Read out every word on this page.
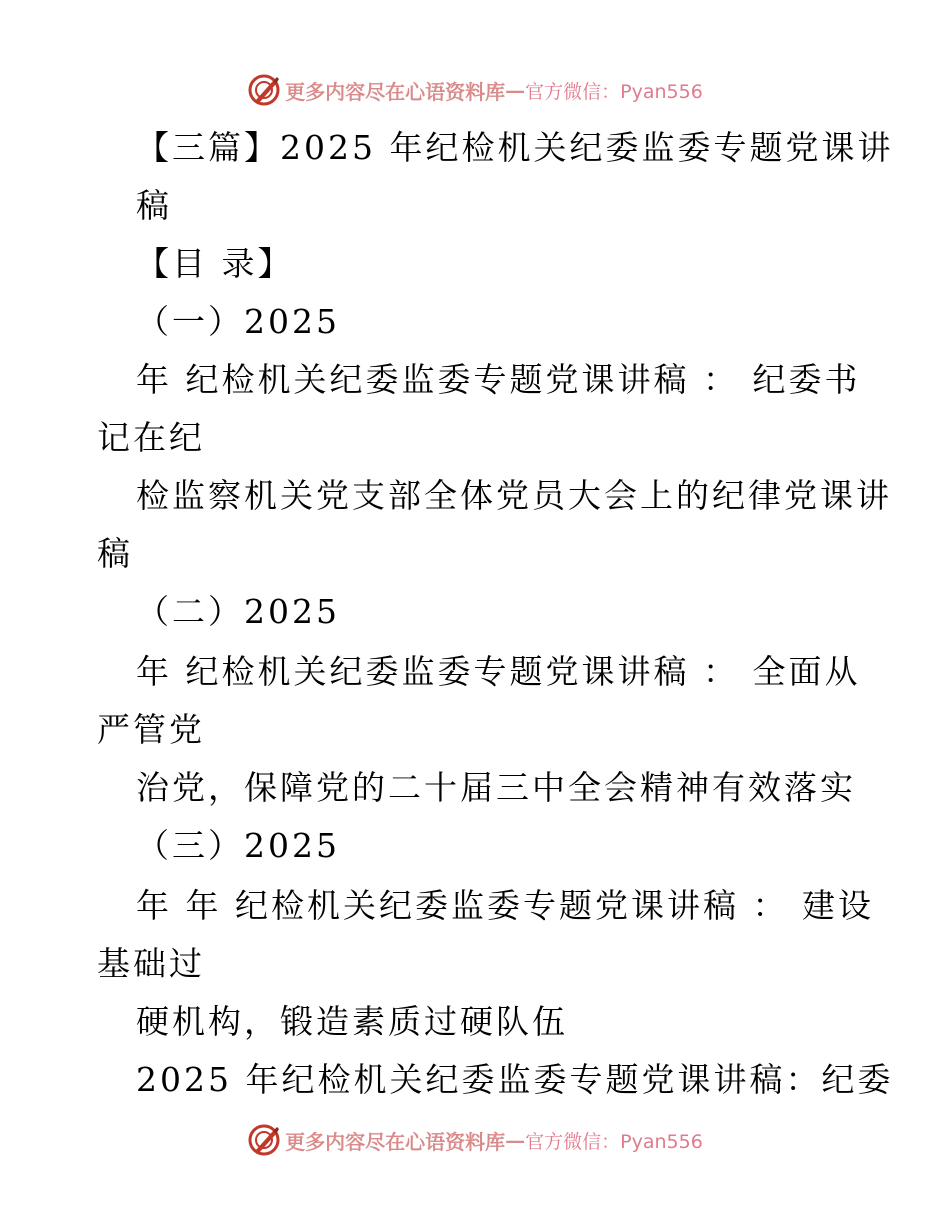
更多内容尽在心语资料库 — 官方微信：Pyan556
【三篇】2025 年纪检机关纪委监委专题党课讲
稿
【目 录】
（一）2025
年 纪检机关纪委监委专题党课讲稿 ： 纪委书
记在纪
检监察机关党支部全体党员大会上的纪律党课讲
稿
（二）2025
年 纪检机关纪委监委专题党课讲稿 ： 全面从
严管党
治党，保障党的二十届三中全会精神有效落实
（三）2025
年 年 纪检机关纪委监委专题党课讲稿 ： 建设
基础过
硬机构，锻造素质过硬队伍
2025 年纪检机关纪委监委专题党课讲稿：纪委
更多内容尽在心语资料库 — 官方微信：Pyan556
